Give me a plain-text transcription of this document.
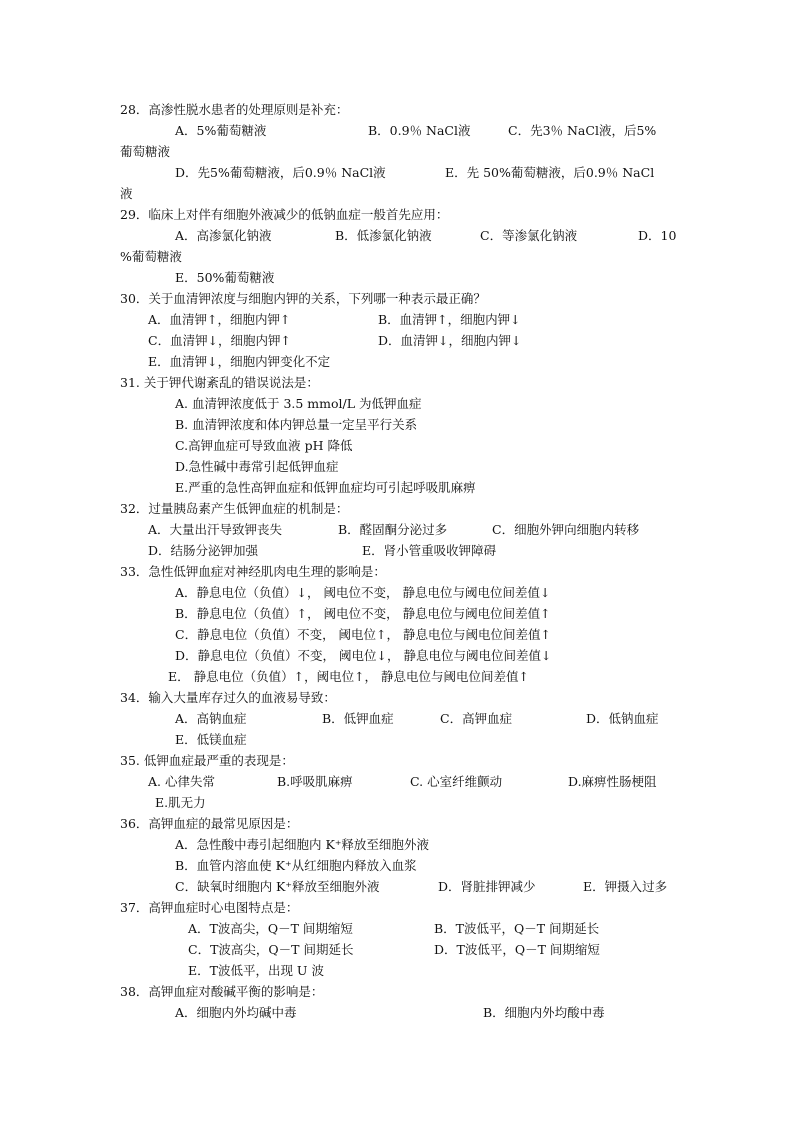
28．高渗性脱水患者的处理原则是补充：
A．5%葡萄糖液	B．0.9％ NaCl液	C．先3％ NaCl液，后5%
葡萄糖液
D．先5%葡萄糖液，后0.9％ NaCl液	E．先 50%葡萄糖液，后0.9％ NaCl
液
29．临床上对伴有细胞外液减少的低钠血症一般首先应用：
A．高渗氯化钠液	B．低渗氯化钠液	C．等渗氯化钠液	D．10
%葡萄糖液
E．50%葡萄糖液
30．关于血清钾浓度与细胞内钾的关系，下列哪一种表示最正确？
A．血清钾↑，细胞内钾↑	B．血清钾↑，细胞内钾↓
C．血清钾↓，细胞内钾↑	D．血清钾↓，细胞内钾↓
E．血清钾↓，细胞内钾变化不定
31. 关于钾代谢紊乱的错误说法是：
A. 血清钾浓度低于 3.5 mmol/L 为低钾血症
B. 血清钾浓度和体内钾总量一定呈平行关系
C.高钾血症可导致血液 pH 降低
D.急性碱中毒常引起低钾血症
E.严重的急性高钾血症和低钾血症均可引起呼吸肌麻痹
32．过量胰岛素产生低钾血症的机制是：
A．大量出汗导致钾丧失	B．醛固酮分泌过多	C．细胞外钾向细胞内转移
D．结肠分泌钾加强	E．肾小管重吸收钾障碍
33．急性低钾血症对神经肌肉电生理的影响是：
A．静息电位（负值）↓， 阈电位不变， 静息电位与阈电位间差值↓
B．静息电位（负值）↑， 阈电位不变， 静息电位与阈电位间差值↑
C．静息电位（负值）不变， 阈电位↑， 静息电位与阈电位间差值↑
D．静息电位（负值）不变， 阈电位↓， 静息电位与阈电位间差值↓
E． 静息电位（负值）↑，阈电位↑， 静息电位与阈电位间差值↑
34．输入大量库存过久的血液易导致：
A．高钠血症	B．低钾血症	C．高钾血症	D．低钠血症
E．低镁血症
35. 低钾血症最严重的表现是：
A. 心律失常	B.呼吸肌麻痹	C. 心室纤维颤动	D.麻痹性肠梗阻
E.肌无力
36．高钾血症的最常见原因是：
A．急性酸中毒引起细胞内 K⁺释放至细胞外液
B．血管内溶血使 K⁺从红细胞内释放入血浆
C．缺氧时细胞内 K⁺释放至细胞外液	D．肾脏排钾减少	E．钾摄入过多
37．高钾血症时心电图特点是：
A．T波高尖，Q－T 间期缩短	B．T波低平，Q－T 间期延长
C．T波高尖，Q－T 间期延长	D．T波低平，Q－T 间期缩短
E．T波低平，出现 U 波
38．高钾血症对酸碱平衡的影响是：
A．细胞内外均碱中毒	B．细胞内外均酸中毒
